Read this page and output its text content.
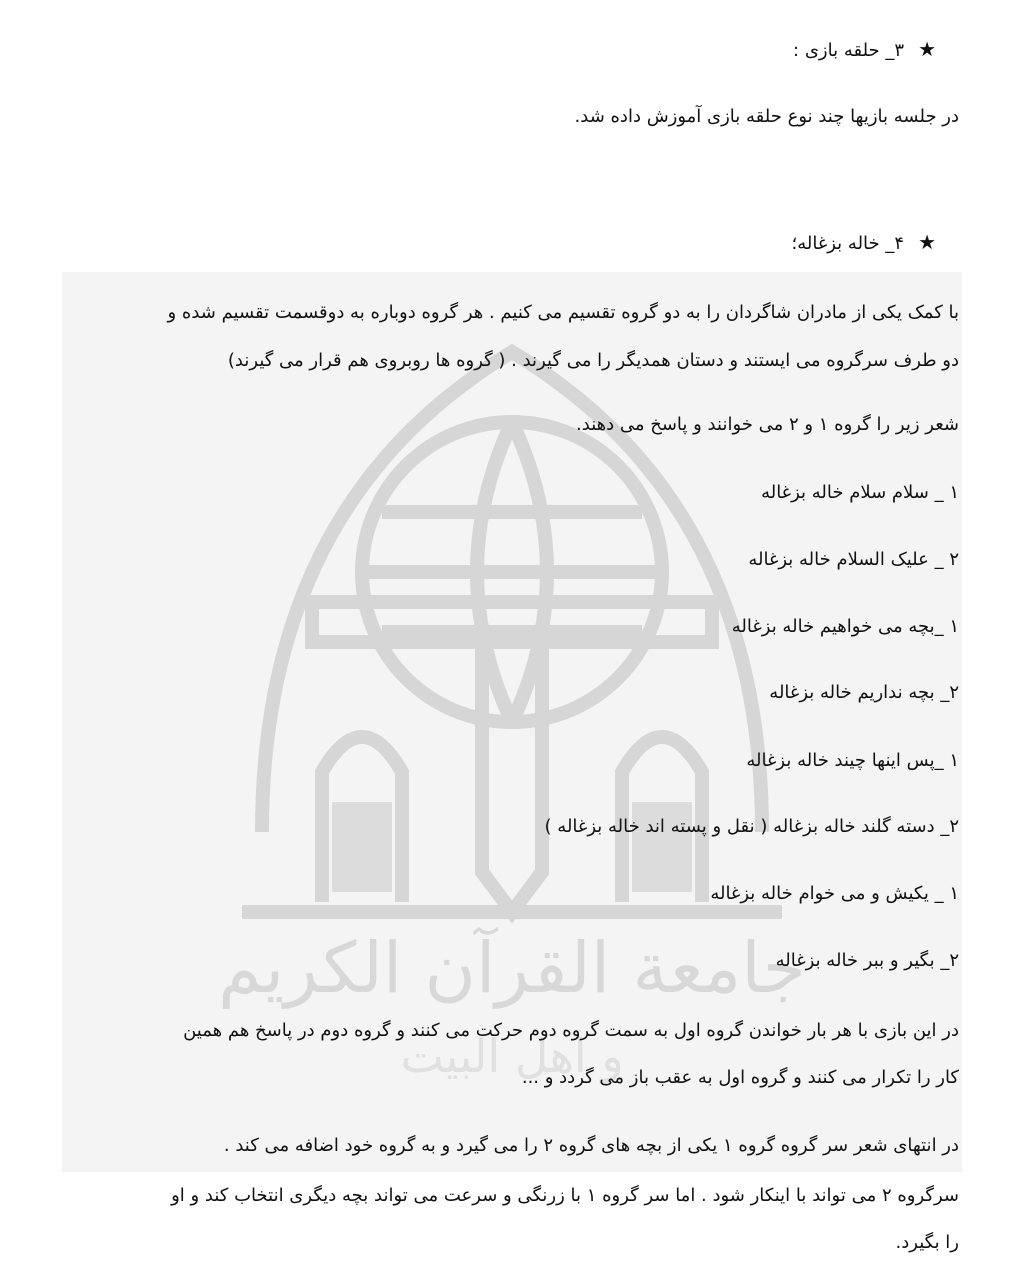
جامعة القرآن الكريم
و اهل البيت
★۳_ حلقه بازی :
در جلسه بازیها چند نوع حلقه بازی آموزش داده شد.
★۴_ خاله بزغاله؛
با کمک یکی از مادران شاگردان را به دو گروه تقسیم می کنیم . هر گروه دوباره به دوقسمت تقسیم شده و
دو طرف سرگروه می ایستند و دستان همدیگر را می گیرند . ( گروه ها روبروی هم قرار می گیرند)
شعر زیر را گروه ۱ و ۲ می خوانند و پاسخ می دهند.
۱ _ سلام سلام خاله بزغاله
۲ _ علیک السلام خاله بزغاله
۱ _بچه می خواهیم خاله بزغاله
۲_ بچه نداریم خاله بزغاله
۱ _پس اینها چیند خاله بزغاله
۲_ دسته گلند خاله بزغاله ( نقل و پسته اند خاله بزغاله )
۱ _ یکیش و می خوام خاله بزغاله
۲_ بگیر و ببر خاله بزغاله
در این بازی با هر بار خواندن گروه اول به سمت گروه دوم حرکت می کنند و گروه دوم در پاسخ هم همین
کار را تکرار می کنند و گروه اول به عقب باز می گردد و ...
در انتهای شعر سر گروه گروه ۱ یکی از بچه های گروه ۲ را می گیرد و به گروه خود اضافه می کند .
سرگروه ۲ می تواند با اینکار شود . اما سر گروه ۱ با زرنگی و سرعت می تواند بچه دیگری انتخاب کند و او
را بگیرد.
